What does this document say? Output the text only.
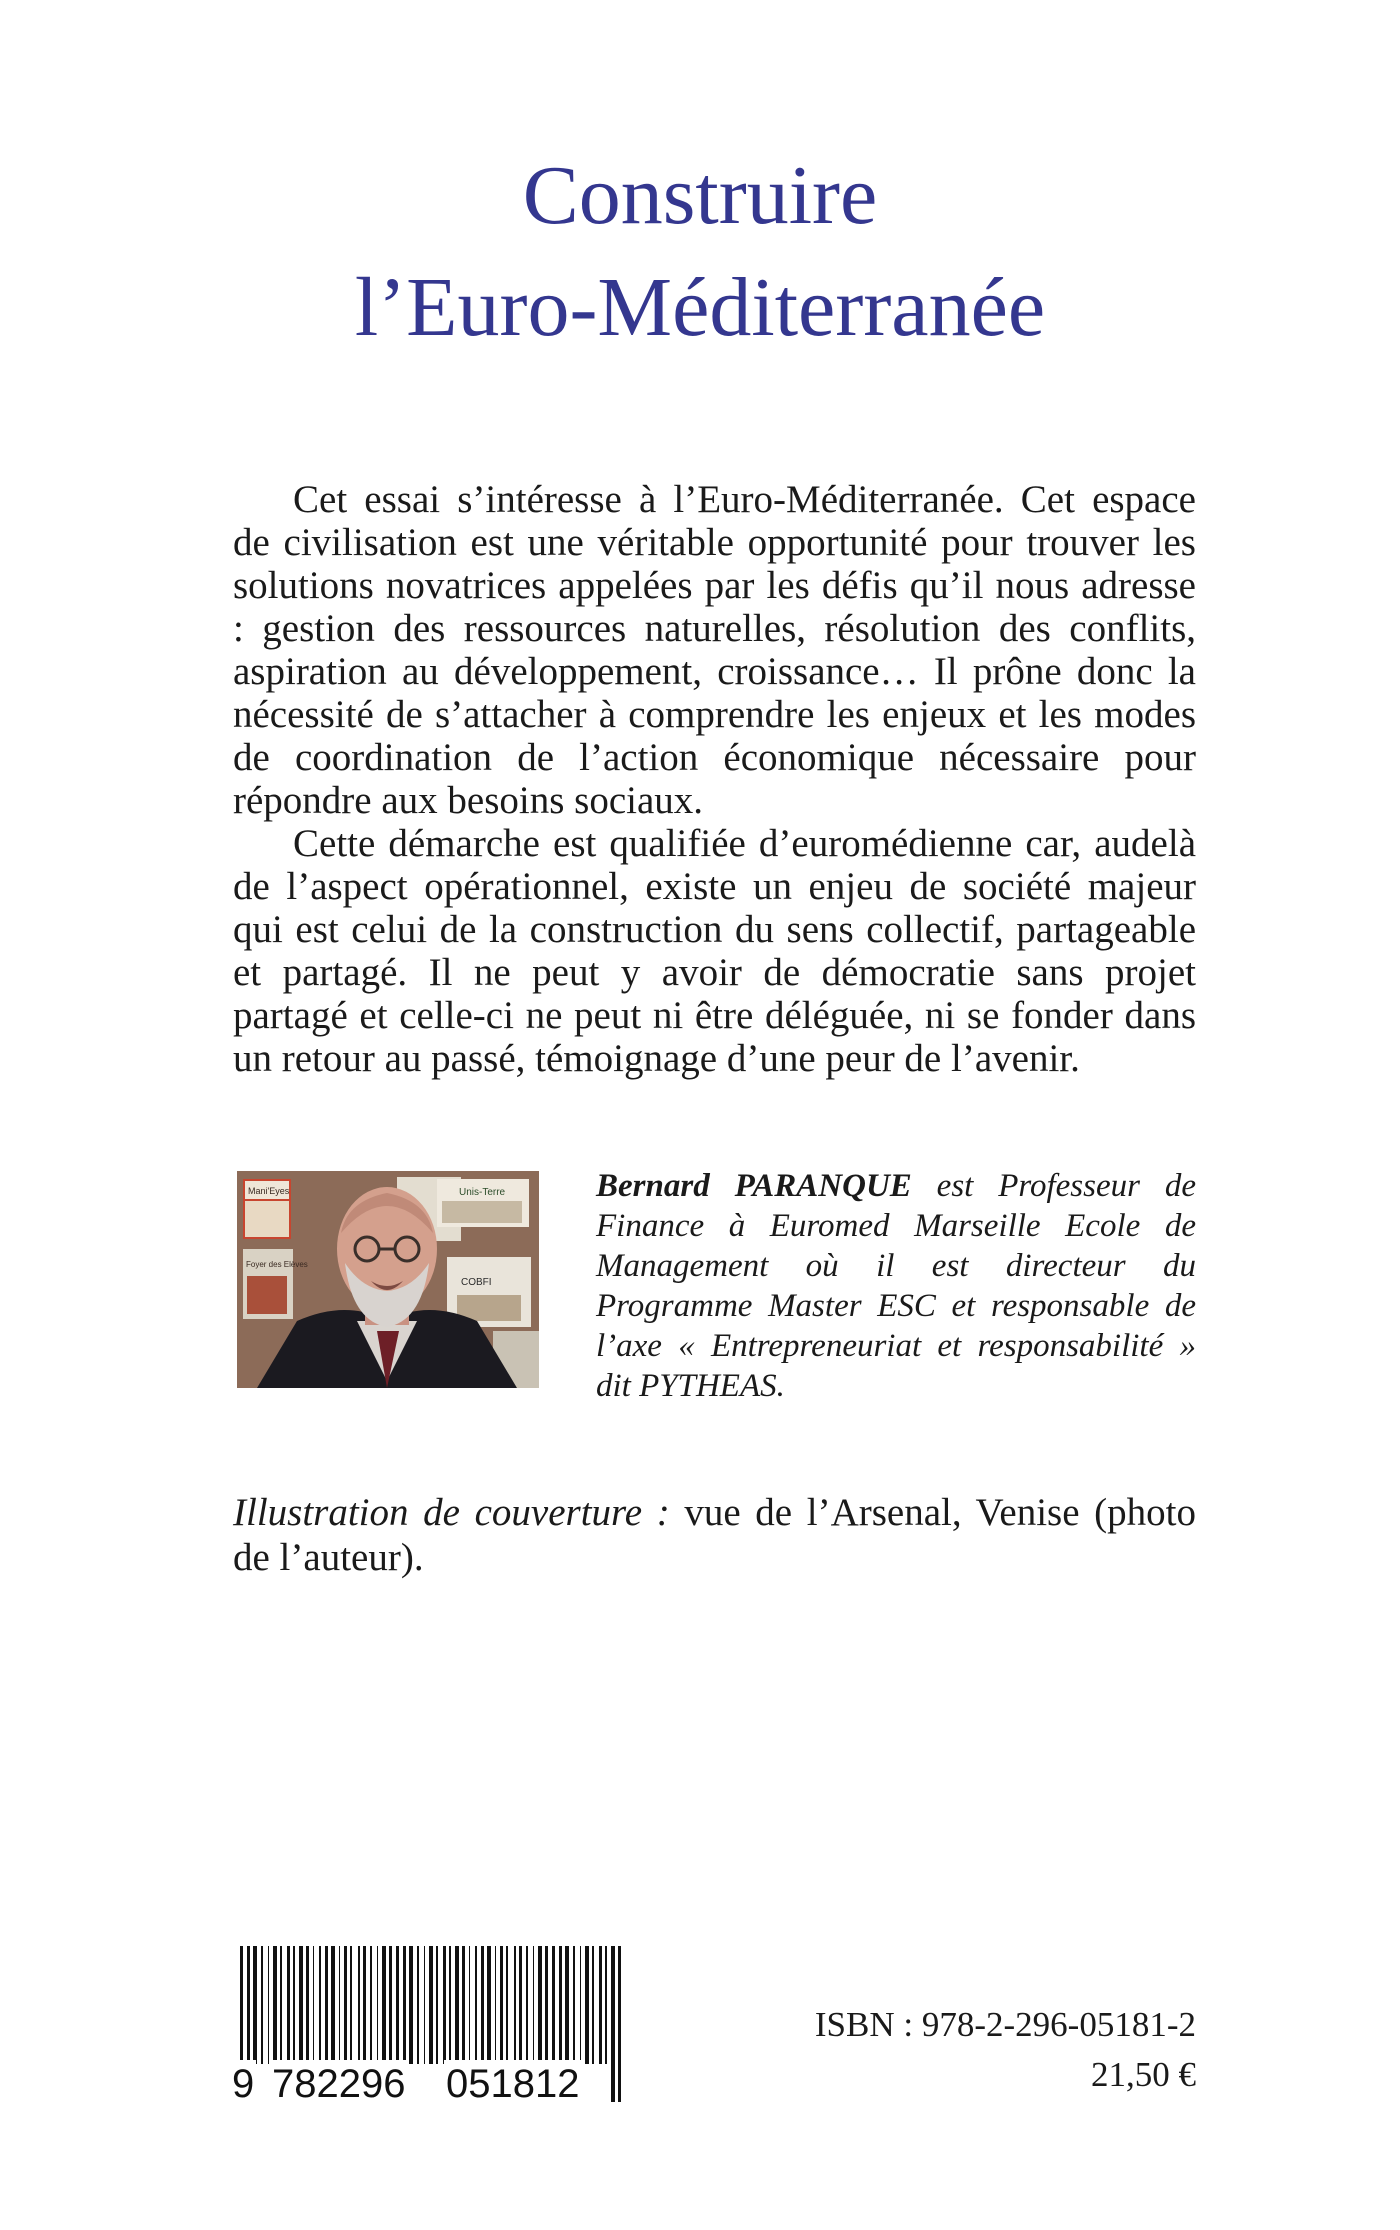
Construire
l’Euro-Méditerranée

Cet essai s’intéresse à l’Euro-Méditerranée. Cet espace de civilisation est une véritable opportunité pour trouver les solutions novatrices appelées par les défis qu’il nous adresse : gestion des ressources naturelles, résolution des conflits, aspiration au développement, croissance… Il prône donc la nécessité de s’attacher à comprendre les enjeux et les modes de coordination de l’action économique nécessaire pour répondre aux besoins sociaux.

Cette démarche est qualifiée d’euromédienne car, audelà de l’aspect opérationnel, existe un enjeu de société majeur qui est celui de la construction du sens collectif, partageable et partagé. Il ne peut y avoir de démocratie sans projet partagé et celle-ci ne peut ni être déléguée, ni se fonder dans un retour au passé, témoignage d’une peur de l’avenir.

Mani'Eyes
Foyer des Elèves
Unis-Terre
COBFI
Bernard PARANQUE est Professeur de Finance à Euromed Marseille Ecole de Management où il est directeur du Programme Master ESC et responsable de l’axe « Entrepreneuriat et responsabilité » dit PYTHEAS.
Illustration de couverture : vue de l’Arsenal, Venise (photo de l’auteur).
9 782296 051812
ISBN : 978-2-296-05181-2
21,50 €
